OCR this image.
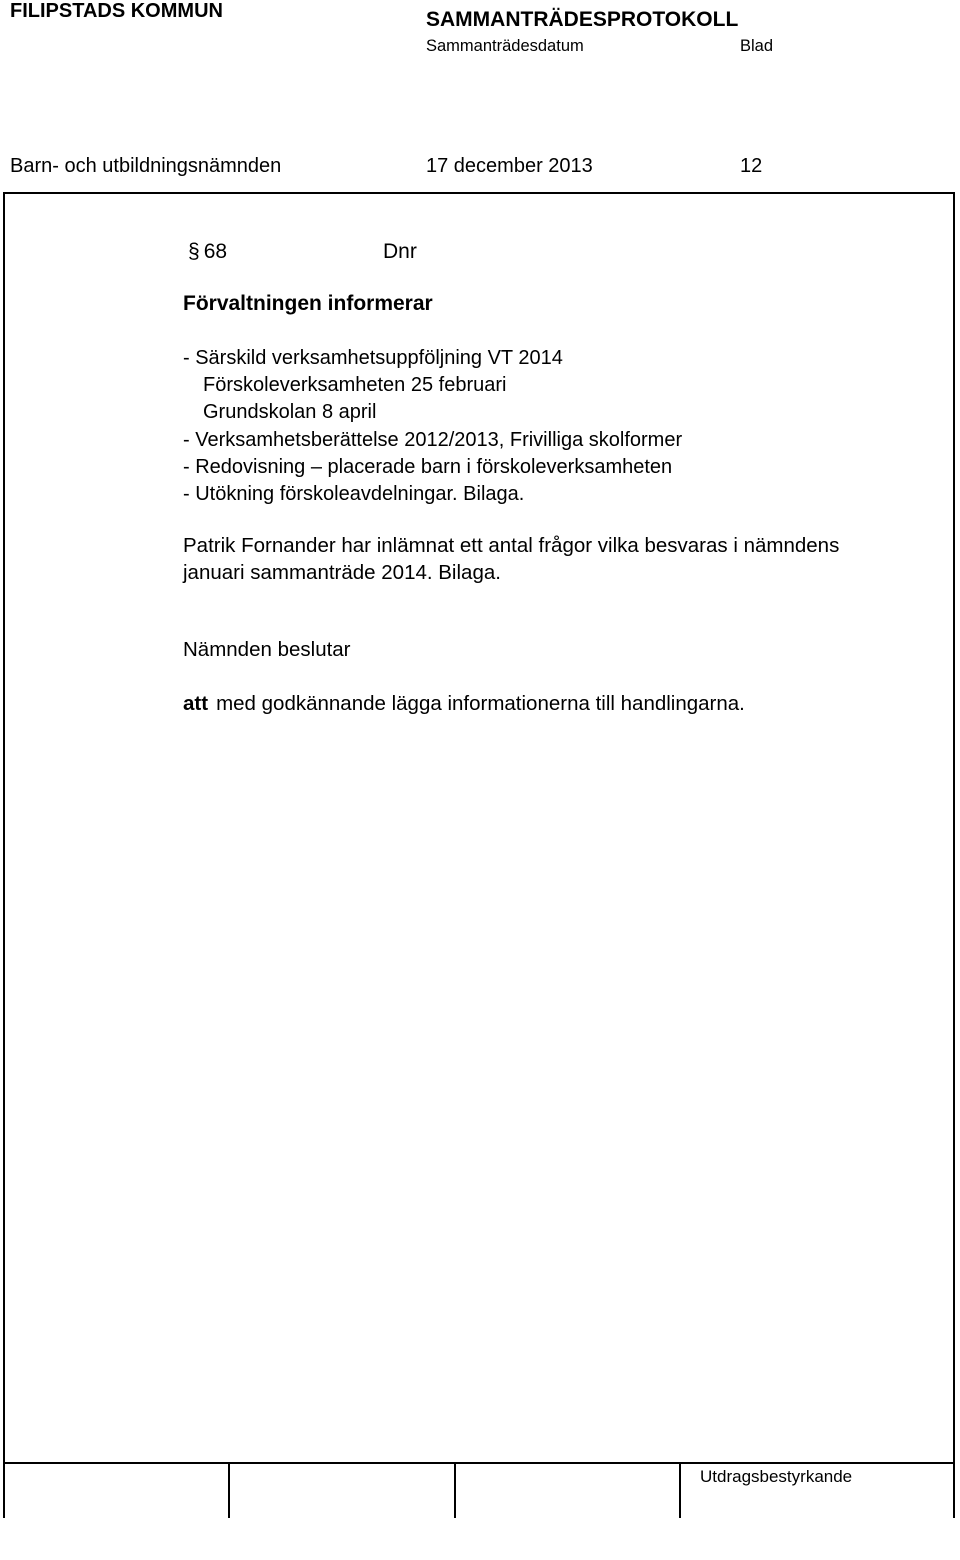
FILIPSTADS KOMMUN	SAMMANTRÄDESPROTOKOLL
Sammanträdesdatum	Blad
Barn- och utbildningsnämnden	17 december 2013	12
§ 68	Dnr
Förvaltningen informerar
- Särskild verksamhetsuppföljning VT 2014
Förskoleverksamheten 25 februari
Grundskolan 8 april
- Verksamhetsberättelse 2012/2013, Frivilliga skolformer
- Redovisning – placerade barn i förskoleverksamheten
- Utökning förskoleavdelningar. Bilaga.
Patrik Fornander har inlämnat ett antal frågor vilka besvaras i nämndens
januari sammanträde 2014. Bilaga.
Nämnden beslutar
att med godkännande lägga informationerna till handlingarna.
Utdragsbestyrkande
